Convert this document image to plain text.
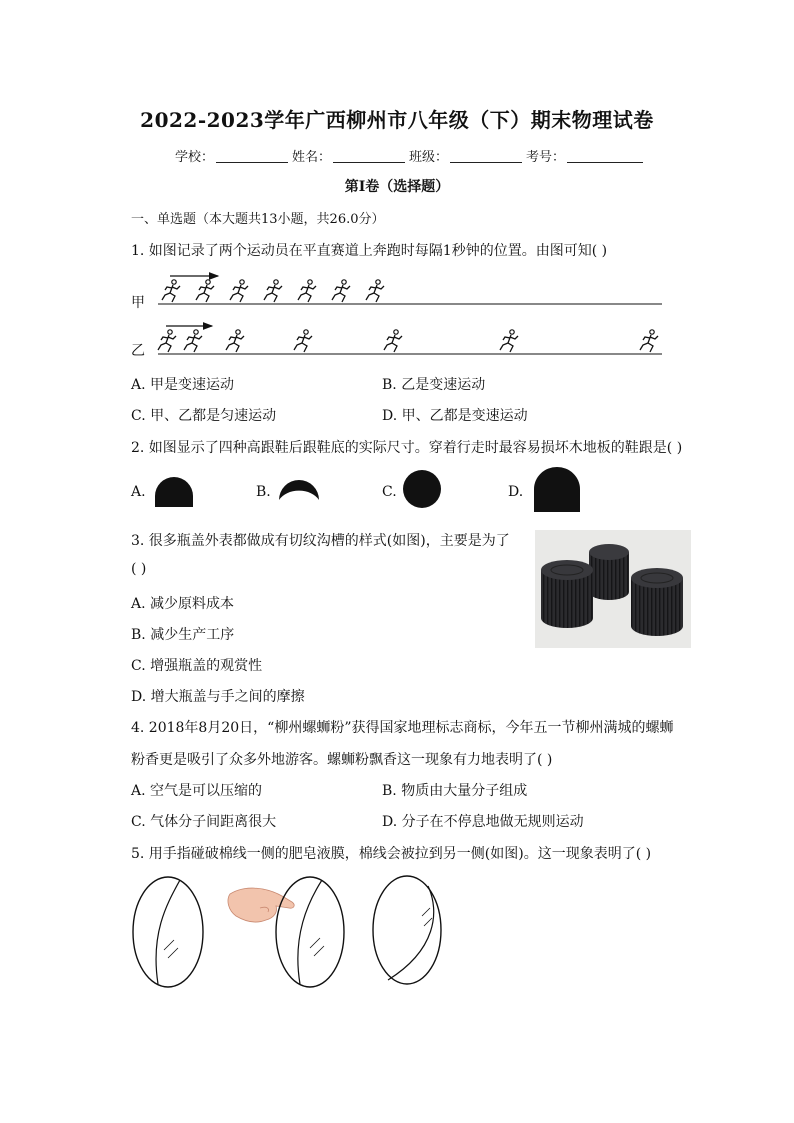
2022-2023学年广西柳州市八年级（下）期末物理试卷
学校：	姓名：	班级：	考号：
第I卷（选择题）
一、单选题（本大题共13小题，共26.0分）
1. 如图记录了两个运动员在平直赛道上奔跑时每隔1秒钟的位置。由图可知( )
甲
乙
A. 甲是变速运动	B. 乙是变速运动
C. 甲、乙都是匀速运动	D. 甲、乙都是变速运动
2. 如图显示了四种高跟鞋后跟鞋底的实际尺寸。穿着行走时最容易损坏木地板的鞋跟是( )
A.	B.	C.	D.
3. 很多瓶盖外表都做成有切纹沟槽的样式(如图)，主要是为了
( )
A. 减少原料成本
B. 减少生产工序
C. 增强瓶盖的观赏性
D. 增大瓶盖与手之间的摩擦
4. 2018年8月20日，“柳州螺蛳粉”获得国家地理标志商标，今年五一节柳州满城的螺蛳
粉香更是吸引了众多外地游客。螺蛳粉飘香这一现象有力地表明了( )
A. 空气是可以压缩的	B. 物质由大量分子组成
C. 气体分子间距离很大	D. 分子在不停息地做无规则运动
5. 用手指碰破棉线一侧的肥皂液膜，棉线会被拉到另一侧(如图)。这一现象表明了( )
